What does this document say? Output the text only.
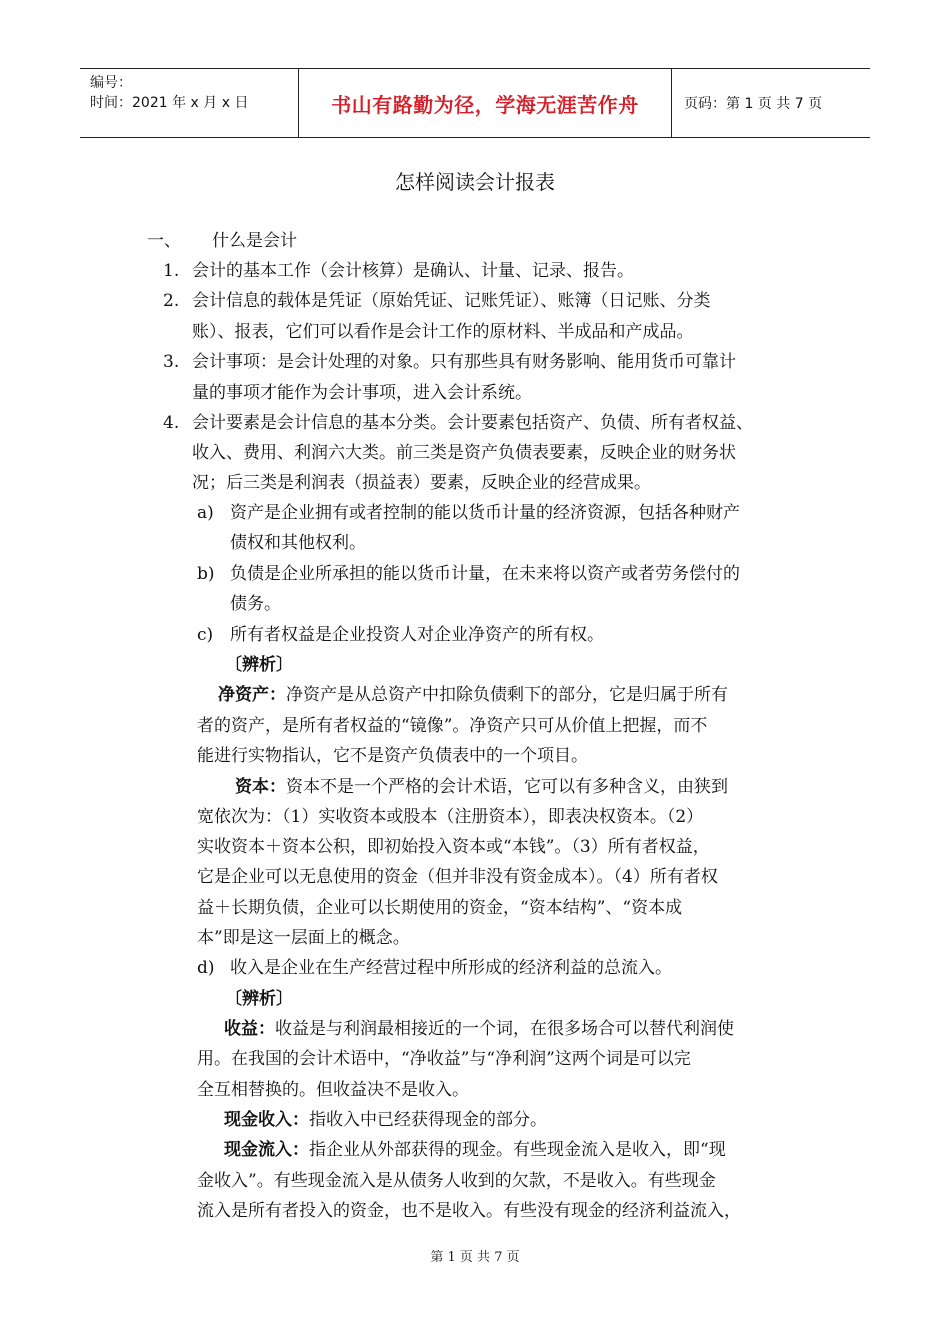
编号：
时间：2021 年 x 月 x 日	书山有路勤为径，学海无涯苦作舟	页码：第 1 页 共 7 页
怎样阅读会计报表
一、 什么是会计
1. 会计的基本工作（会计核算）是确认、计量、记录、报告。
2. 会计信息的载体是凭证（原始凭证、记账凭证）、账簿（日记账、分类
账）、报表，它们可以看作是会计工作的原材料、半成品和产成品。
3. 会计事项：是会计处理的对象。只有那些具有财务影响、能用货币可靠计
量的事项才能作为会计事项，进入会计系统。
4. 会计要素是会计信息的基本分类。会计要素包括资产、负债、所有者权益、
收入、费用、利润六大类。前三类是资产负债表要素，反映企业的财务状
况；后三类是利润表（损益表）要素，反映企业的经营成果。
a) 资产是企业拥有或者控制的能以货币计量的经济资源，包括各种财产
债权和其他权利。
b) 负债是企业所承担的能以货币计量，在未来将以资产或者劳务偿付的
债务。
c) 所有者权益是企业投资人对企业净资产的所有权。
〔辨析〕
净资产：净资产是从总资产中扣除负债剩下的部分，它是归属于所有
者的资产，是所有者权益的“镜像”。净资产只可从价值上把握，而不
能进行实物指认，它不是资产负债表中的一个项目。
资本：资本不是一个严格的会计术语，它可以有多种含义，由狭到
宽依次为：（1）实收资本或股本（注册资本），即表决权资本。（2）
实收资本＋资本公积，即初始投入资本或“本钱”。（3）所有者权益，
它是企业可以无息使用的资金（但并非没有资金成本）。（4）所有者权
益＋长期负债，企业可以长期使用的资金，“资本结构”、“资本成
本”即是这一层面上的概念。
d) 收入是企业在生产经营过程中所形成的经济利益的总流入。
〔辨析〕
收益：收益是与利润最相接近的一个词，在很多场合可以替代利润使
用。在我国的会计术语中，“净收益”与“净利润”这两个词是可以完
全互相替换的。但收益决不是收入。
现金收入：指收入中已经获得现金的部分。
现金流入：指企业从外部获得的现金。有些现金流入是收入，即“现
金收入”。有些现金流入是从债务人收到的欠款，不是收入。有些现金
流入是所有者投入的资金，也不是收入。有些没有现金的经济利益流入，
第 1 页 共 7 页
